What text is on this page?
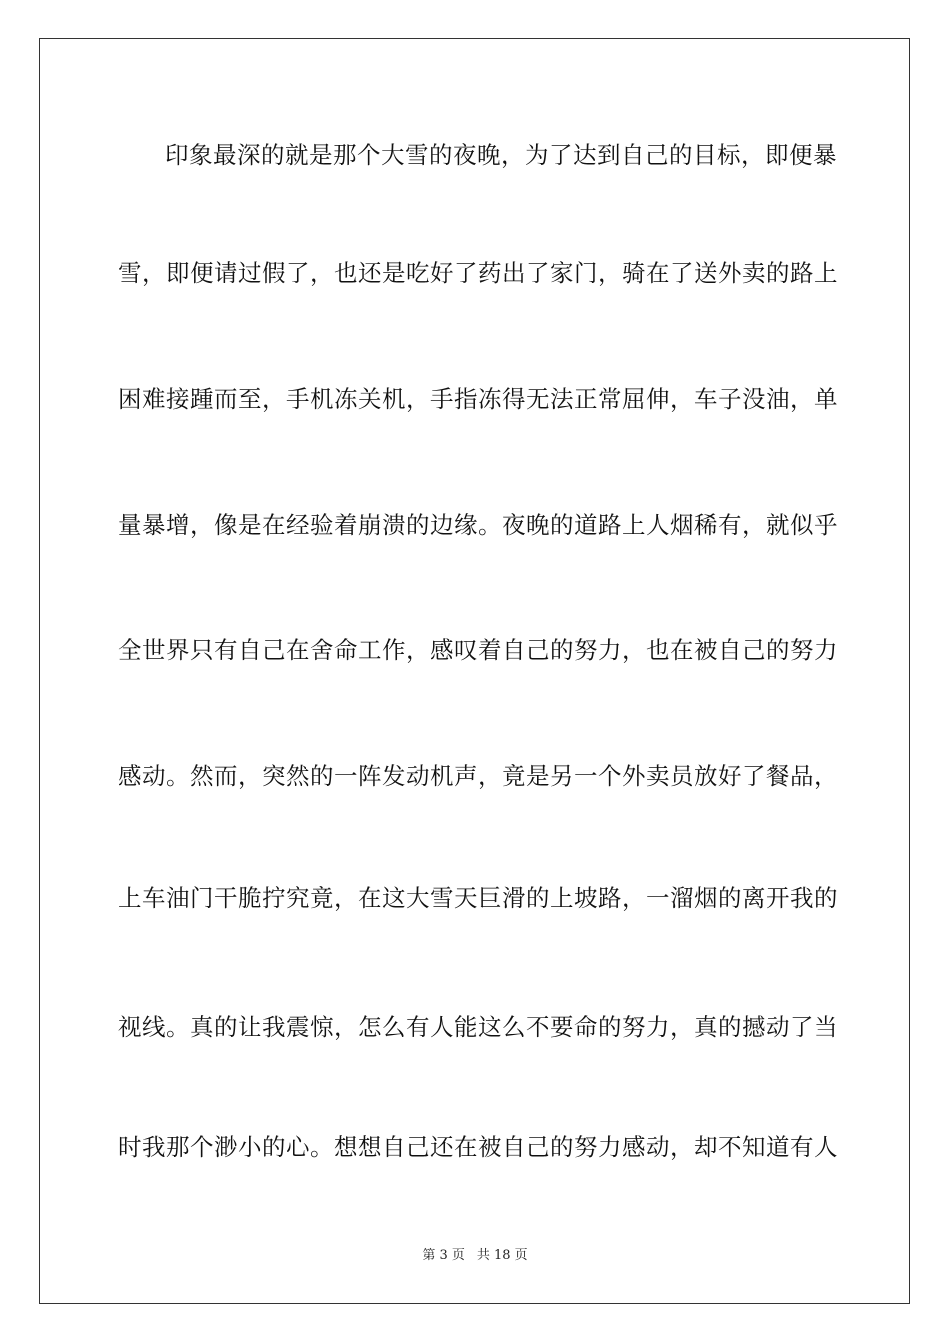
印象最深的就是那个大雪的夜晚，为了达到自己的目标，即便暴
雪，即便请过假了，也还是吃好了药出了家门，骑在了送外卖的路上
困难接踵而至，手机冻关机，手指冻得无法正常屈伸，车子没油，单
量暴增，像是在经验着崩溃的边缘。夜晚的道路上人烟稀有，就似乎
全世界只有自己在舍命工作，感叹着自己的努力，也在被自己的努力
感动。然而，突然的一阵发动机声，竟是另一个外卖员放好了餐品，
上车油门干脆拧究竟，在这大雪天巨滑的上坡路，一溜烟的离开我的
视线。真的让我震惊，怎么有人能这么不要命的努力，真的撼动了当
时我那个渺小的心。想想自己还在被自己的努力感动，却不知道有人
第 3 页 共 18 页
